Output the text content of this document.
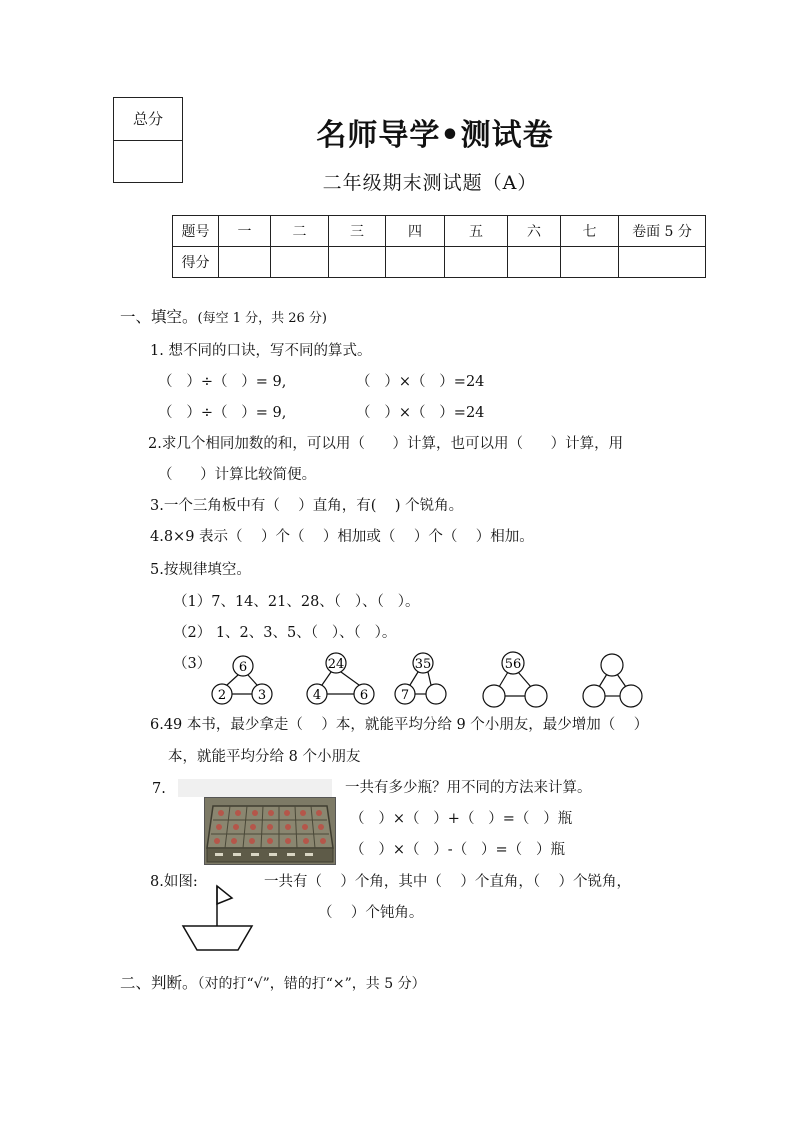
总分	名师导学•测试卷
二年级期末测试题（A）
题号	一	二	三	四	五	六	七	卷面 5 分
得分								
一、填空。(每空 1 分，共 26 分)
1. 想不同的口诀，写不同的算式。
（   ）÷（   ）= 9,	（   ）×（   ）=24
（   ）÷（   ）= 9,	（   ）×（   ）=24
2.求几个相同加数的和，可以用（      ）计算，也可以用（      ）计算，用
（      ）计算比较简便。
3.一个三角板中有（    ）直角，有(    ) 个锐角。
4.8×9 表示（    ）个（    ）相加或（    ）个（    ）相加。
5.按规律填空。
（1）7、14、21、28、（   ）、（   ）。
（2） 1、2、3、5、（   ）、（   ）。
（3） 6
2 3
24
4	6
35
7
56
6.49 本书，最少拿走（    ）本，就能平均分给 9 个小朋友，最少增加（    ）
本，就能平均分给 8 个小朋友
7.	一共有多少瓶？用不同的方法来计算。
（   ）×（   ）+（   ）=（   ）瓶
（   ）×（   ）-（   ）=（   ）瓶
8.如图:	一共有（    ）个角，其中（    ）个直角，（    ）个锐角，
（    ）个钝角。
二、判断。（对的打“√”，错的打“×”，共 5 分）
